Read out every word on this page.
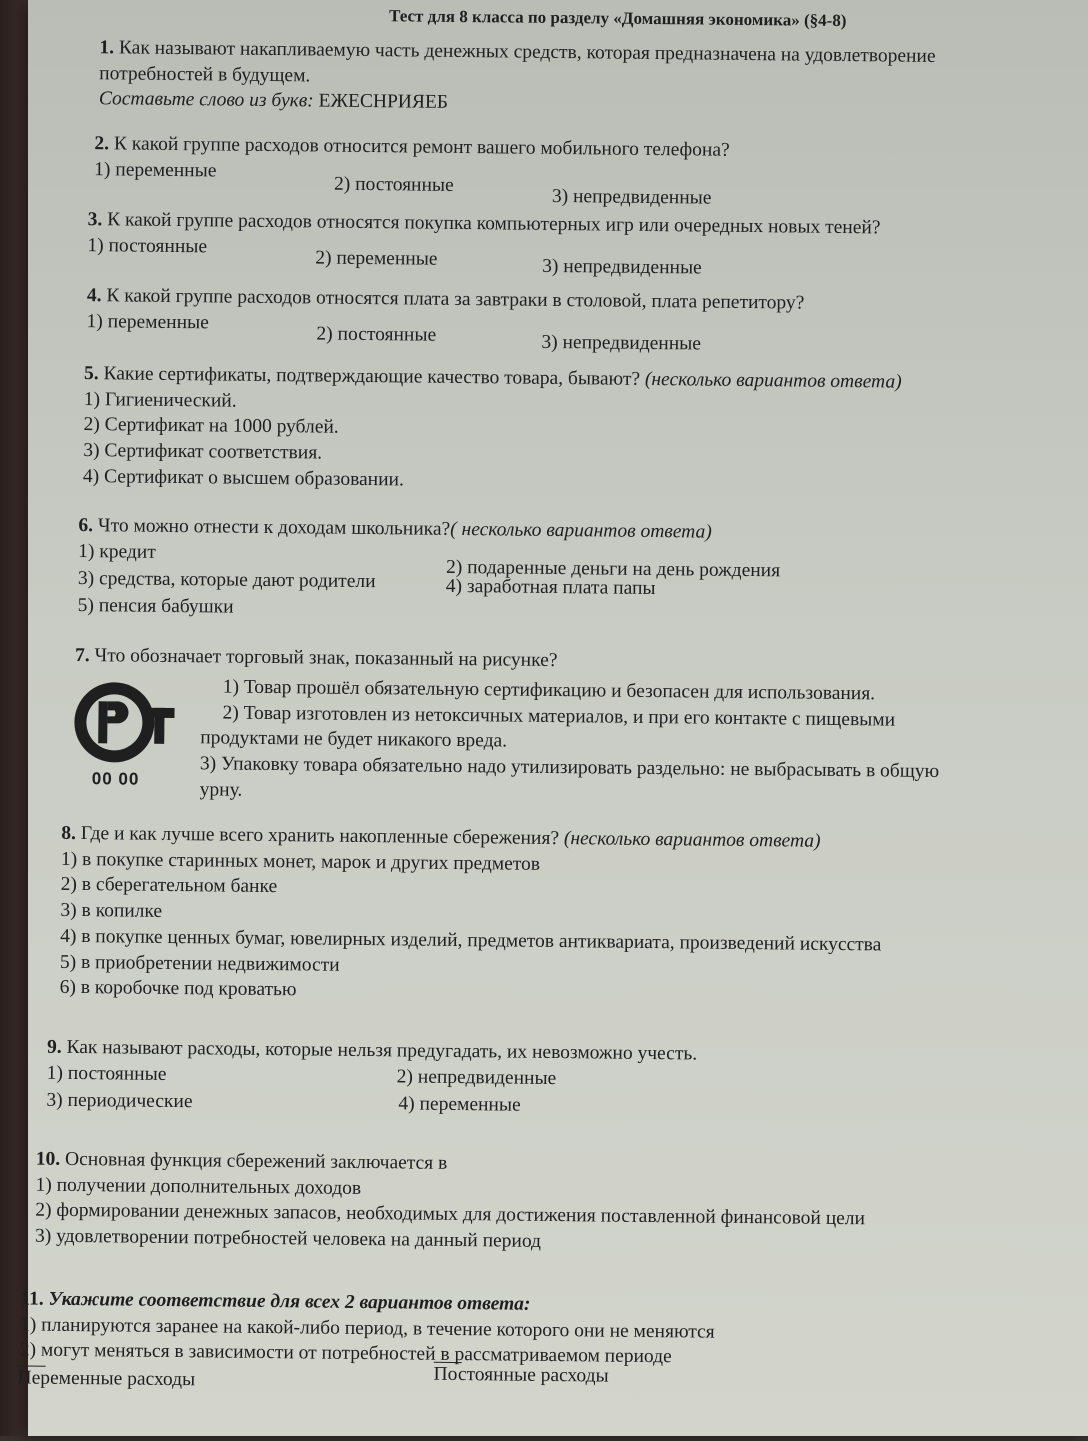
Тест для 8 класса по разделу «Домашняя экономика» (§4-8)
1. Как называют накапливаемую часть денежных средств, которая предназначена на удовлетворение
потребностей в будущем.
Составьте слово из букв: ЕЖЕСНРИЯЕБ
2. К какой группе расходов относится ремонт вашего мобильного телефона?
1) переменные
2) постоянные
3) непредвиденные
3. К какой группе расходов относятся покупка компьютерных игр или очередных новых теней?
1) постоянные
2) переменные	3) непредвиденные
4. К какой группе расходов относятся плата за завтраки в столовой, плата репетитору?
1) переменные
2) постоянные	3) непредвиденные
5. Какие сертификаты, подтверждающие качество товара, бывают? (несколько вариантов ответа)
1) Гигиенический.
2) Сертификат на 1000 рублей.
3) Сертификат соответствия.
4) Сертификат о высшем образовании.
6. Что можно отнести к доходам школьника?( несколько вариантов ответа)
1) кредит
2) подаренные деньги на день рождения
3) средства, которые дают родители	4) заработная плата папы
5) пенсия бабушки
7. Что обозначает торговый знак, показанный на рисунке?
00 00
1) Товар прошёл обязательную сертификацию и безопасен для использования.
2) Товар изготовлен из нетоксичных материалов, и при его контакте с пищевыми
продуктами не будет никакого вреда.
3) Упаковку товара обязательно надо утилизировать раздельно: не выбрасывать в общую
урну.
8. Где и как лучше всего хранить накопленные сбережения? (несколько вариантов ответа)
1) в покупке старинных монет, марок и других предметов
2) в сберегательном банке
3) в копилке
4) в покупке ценных бумаг, ювелирных изделий, предметов антиквариата, произведений искусства
5) в приобретении недвижимости
6) в коробочке под кроватью
9. Как называют расходы, которые нельзя предугадать, их невозможно учесть.
1) постоянные	2) непредвиденные
3) периодические	4) переменные
10. Основная функция сбережений заключается в
1) получении дополнительных доходов
2) формировании денежных запасов, необходимых для достижения поставленной финансовой цели
3) удовлетворении потребностей человека на данный период
11. Укажите соответствие для всех 2 вариантов ответа:
1) планируются заранее на какой-либо период, в течение которого они не меняются
2) могут меняться в зависимости от потребностей в рассматриваемом периоде
Переменные расходы	Постоянные расходы
